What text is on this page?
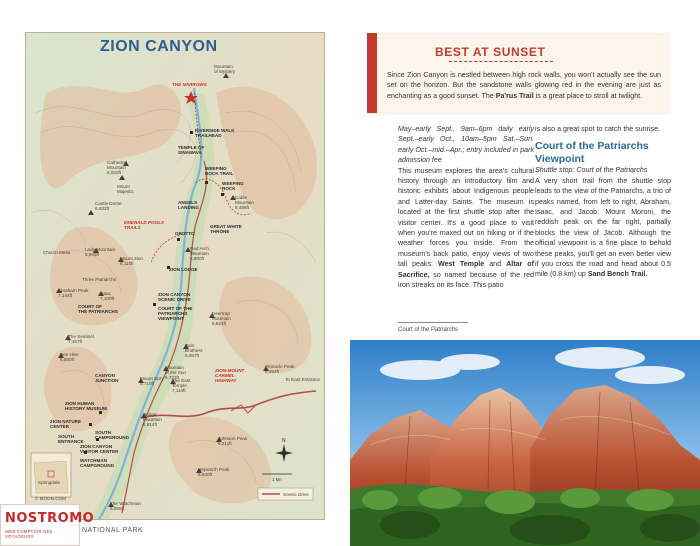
N
1 km
ZION CANYON
Mountain
of Mystery
THE NARROWS
RIVERSIDE WALK
TRAILHEAD
TEMPLE OF
SINAWAVA
Cathedral
Mountain
6,930ft
Mount
Majestic
WEEPING
ROCK TRAIL
WEEPING
ROCK
Cable
Mountain
6,496ft
Castle Dome
6,632ft
ANGELS
LANDING
EMERALD POOLS
TRAILS
GROTTO
GREAT WHITE
THRONE
Lady Mountain
6,945ft
Red Arch
Mountain
5,800ft
Mount Zion
6,110ft
ZION LODGE
Three Patriarchs
Abraham Peak
7,144ft	Isaac
7,100ft
COURT OF
THE PATRIARCHS
ZION CANYON
SCENIC DRIVE
COURT OF THE
PATRIARCHS
VIEWPOINT
Deertrap
Mountain
6,824ft
The Sentinel
7,157ft
Twin
Brothers
6,857ft
Bee Hive
6,860ft
Mountain
of the Sun
6,723ft
ZION-MOUNT
CARMEL
HIGHWAY
Pinnacle Peak
6,354ft
CANYON
JUNCTION	Mount Spry
5,710ft
The East
Temple
7,110ft
To East Entrance
ZION HUMAN
HISTORY MUSEUM
ZION NATURE
CENTER
Bridge
Mountain
6,814ft
SOUTH
CAMPGROUND
SOUTH
ENTRANCE
ZION CANYON
VISITOR CENTER
Johnson Peak
5,211ft
WATCHMAN
CAMPGROUND
Springdale
Hepworth Peak
5,640ft
Scenic Drive
© MOON.COM
The Watchman
6,555ft
Church Mesa
NATIONAL PARK
NOSTROMO
WEB COMPTOIR DES VOYAGEURS
BEST AT SUNSET
Since Zion Canyon is nestled between high rock walls, you won't actually see the sun set on the horizon. But the sandstone walls glowing red in the evening are just as enchanting as a good sunset. The Pa'rus Trail is a great place to stroll at twilight.

May–early Sept., 9am–6pm daily early Sept.–early Oct., 10am–5pm Sat.–Sun. early Oct.–mid.–Apr.; entry included in park admission fee

This museum explores the area's cultural history through an introductory film and historic exhibits about Indigenous people and Latter-day Saints. The museum is located at the first shuttle stop after the visitor center. It's a good place to visit when you're maxed out on hiking or if the weather forces you inside. From the museum's back patio, enjoy views of two tall peaks: West Temple and Altar of Sacrifice, so named because of the red iron streaks on its face. This patio

is also a great spot to catch the sunrise.

Court of the Patriarchs Viewpoint

Shuttle stop: Court of the Patriarchs

A very short trail from the shuttle stop leads to the view of the Patriarchs, a trio of peaks named, from left to right, Abraham, Isaac, and Jacob. Mount Moroni, the reddish peak on the far right, partially blocks the view of Jacob. Although the official viewpoint is a fine place to behold these peaks, you'll get an even better view if you cross the road and head about 0.5 mile (0.8 km) up Sand Bench Trail.

Court of the Patriarchs
